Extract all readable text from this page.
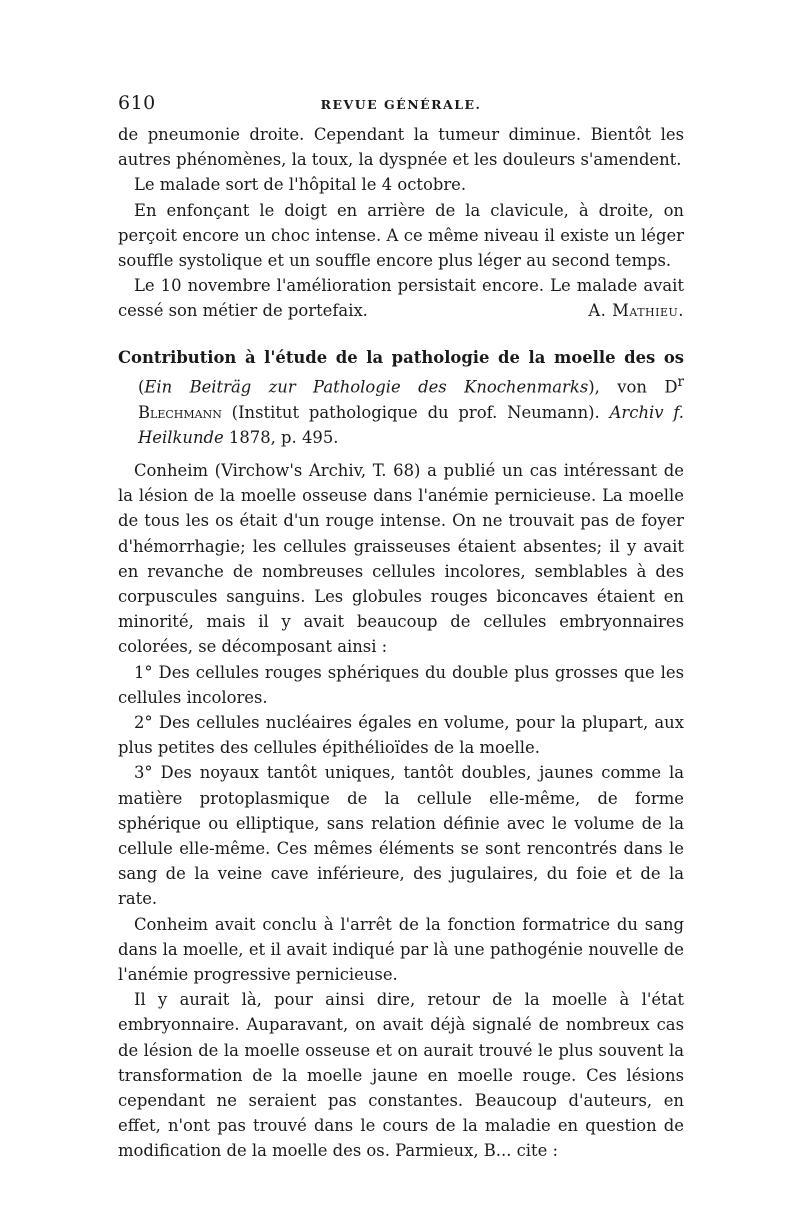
610	REVUE GÉNÉRALE.

de pneumonie droite. Cependant la tumeur diminue. Bientôt les autres phénomènes, la toux, la dyspnée et les douleurs s'amendent.

Le malade sort de l'hôpital le 4 octobre.

En enfonçant le doigt en arrière de la clavicule, à droite, on perçoit encore un choc intense. A ce même niveau il existe un léger souffle systolique et un souffle encore plus léger au second temps.

Le 10 novembre l'amélioration persistait encore. Le malade avait cessé son métier de portefaix.	A. Mathieu.

Contribution à l'étude de la pathologie de la moelle des os (Ein Beiträg zur Pathologie des Knochenmarks), von $D^r$ Blechmann (Institut pathologique du prof. Neumann). Archiv f. Heilkunde 1878, p. 495.

Conheim (Virchow's Archiv, T. 68) a publié un cas intéressant de la lésion de la moelle osseuse dans l'anémie pernicieuse. La moelle de tous les os était d'un rouge intense. On ne trouvait pas de foyer d'hémorrhagie; les cellules graisseuses étaient absentes; il y avait en revanche de nombreuses cellules incolores, semblables à des corpuscules sanguins. Les globules rouges biconcaves étaient en minorité, mais il y avait beaucoup de cellules embryonnaires colorées, se décomposant ainsi :

1° Des cellules rouges sphériques du double plus grosses que les cellules incolores.

2° Des cellules nucléaires égales en volume, pour la plupart, aux plus petites des cellules épithélioïdes de la moelle.

3° Des noyaux tantôt uniques, tantôt doubles, jaunes comme la matière protoplasmique de la cellule elle-même, de forme sphérique ou elliptique, sans relation définie avec le volume de la cellule elle-même. Ces mêmes éléments se sont rencontrés dans le sang de la veine cave inférieure, des jugulaires, du foie et de la rate.

Conheim avait conclu à l'arrêt de la fonction formatrice du sang dans la moelle, et il avait indiqué par là une pathogénie nouvelle de l'anémie progressive pernicieuse.

Il y aurait là, pour ainsi dire, retour de la moelle à l'état embryonnaire. Auparavant, on avait déjà signalé de nombreux cas de lésion de la moelle osseuse et on aurait trouvé le plus souvent la transformation de la moelle jaune en moelle rouge. Ces lésions cependant ne seraient pas constantes. Beaucoup d'auteurs, en effet, n'ont pas trouvé dans le cours de la maladie en question de modification de la moelle des os. Parmieux, B... cite :
